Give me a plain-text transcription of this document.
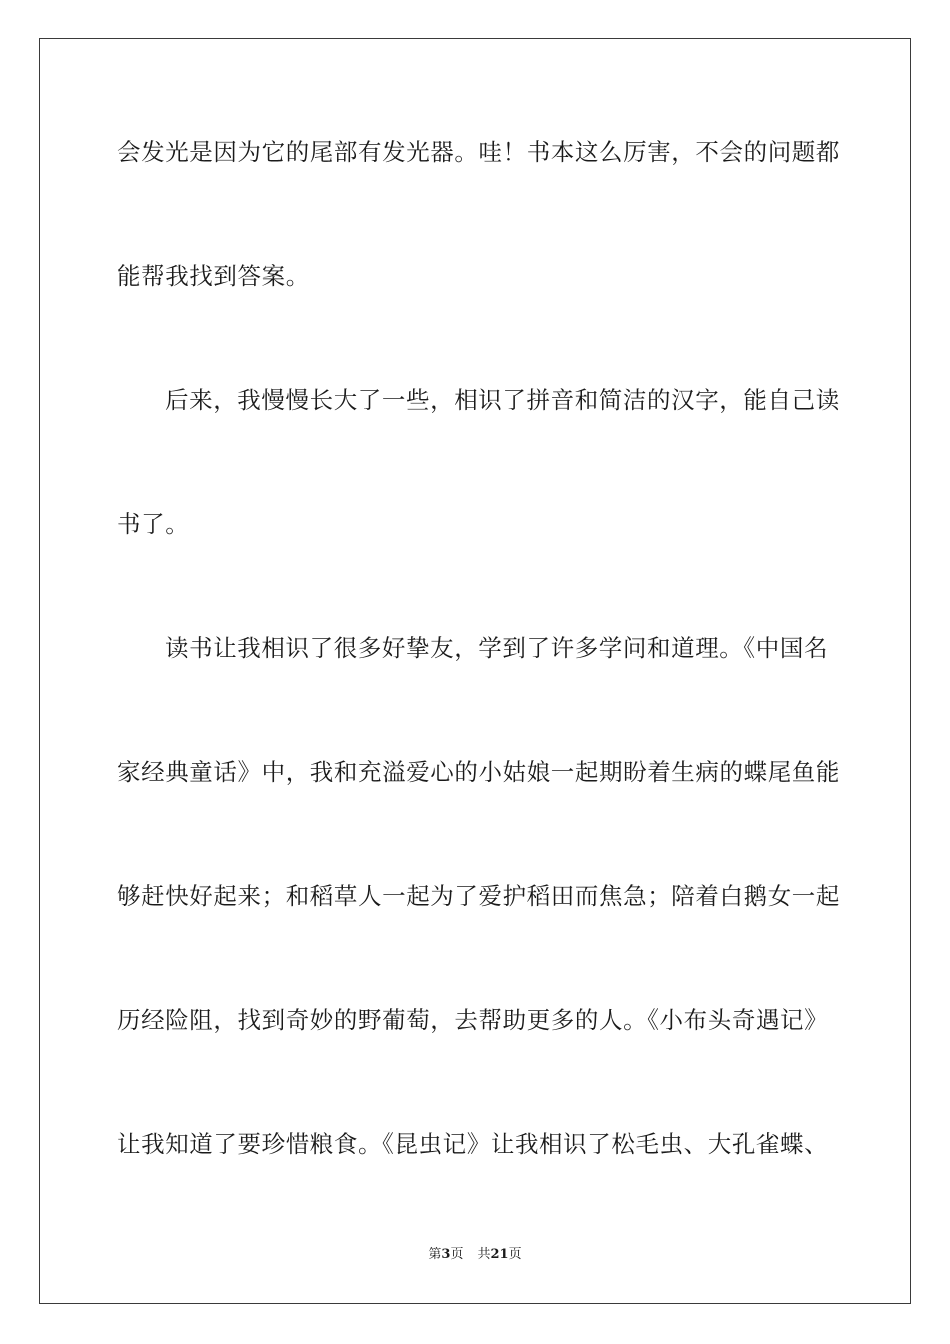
会发光是因为它的尾部有发光器。哇！书本这么厉害，不会的问题都
能帮我找到答案。
后来，我慢慢长大了一些，相识了拼音和简洁的汉字，能自己读
书了。
读书让我相识了很多好挚友，学到了许多学问和道理。《中国名
家经典童话》中，我和充溢爱心的小姑娘一起期盼着生病的蝶尾鱼能
够赶快好起来；和稻草人一起为了爱护稻田而焦急；陪着白鹅女一起
历经险阻，找到奇妙的野葡萄，去帮助更多的人。《小布头奇遇记》
让我知道了要珍惜粮食。《昆虫记》让我相识了松毛虫、大孔雀蝶、
第3页 共21页
